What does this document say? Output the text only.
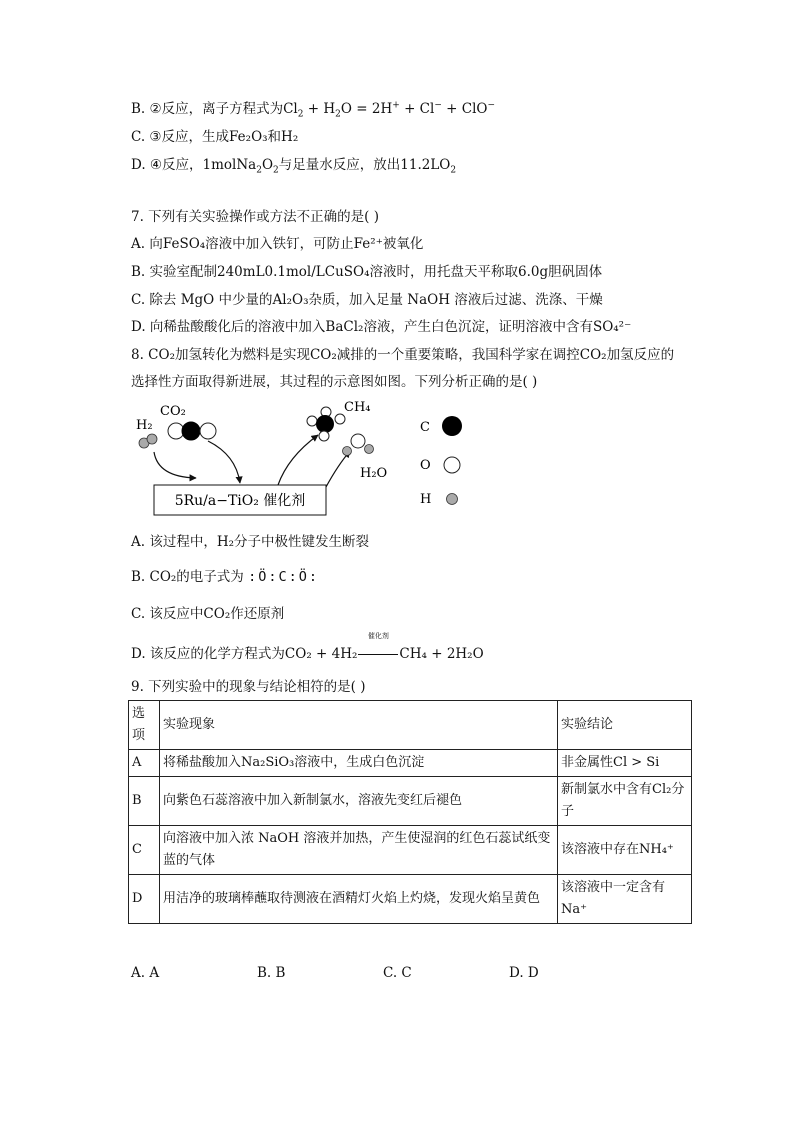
B. ②反应，离子方程式为$Cl_2 + H_2O = 2H^+ + Cl^- + ClO^-$
C. ③反应，生成Fe₂O₃和H₂
D. ④反应，$1molNa_2O_2$与足量水反应，放出$11.2LO_2$
7. 下列有关实验操作或方法不正确的是( )
A. 向FeSO₄溶液中加入铁钉，可防止Fe²⁺被氧化
B. 实验室配制240mL0.1mol/LCuSO₄溶液时，用托盘天平称取6.0g胆矾固体
C. 除去 MgO 中少量的Al₂O₃杂质，加入足量 NaOH 溶液后过滤、洗涤、干燥
D. 向稀盐酸酸化后的溶液中加入BaCl₂溶液，产生白色沉淀，证明溶液中含有SO₄²⁻
8. CO₂加氢转化为燃料是实现CO₂减排的一个重要策略，我国科学家在调控CO₂加氢反应的
选择性方面取得新进展，其过程的示意图如图。下列分析正确的是( )
H₂
CO₂
5Ru/a−TiO₂ 催化剂
CH₄
H₂O
C
O
H
A. 该过程中，H₂分子中极性键发生断裂
B. CO₂的电子式为 :Ö:C:Ö:
C. 该反应中CO₂作还原剂
D. 该反应的化学方程式为CO₂ + 4H₂
催化剂
CH₄ + 2H₂O
9. 下列实验中的现象与结论相符的是( )
选项	实验现象	实验结论
A	将稀盐酸加入Na₂SiO₃溶液中，生成白色沉淀	非金属性Cl > Si
B	向紫色石蕊溶液中加入新制氯水，溶液先变红后褪色	新制氯水中含有Cl₂分子
C	向溶液中加入浓 NaOH 溶液并加热，产生使湿润的红色石蕊试纸变蓝的气体	该溶液中存在NH₄⁺
D	用洁净的玻璃棒蘸取待测液在酒精灯火焰上灼烧，发现火焰呈黄色	该溶液中一定含有Na⁺
A. A	B. B	C. C	D. D
